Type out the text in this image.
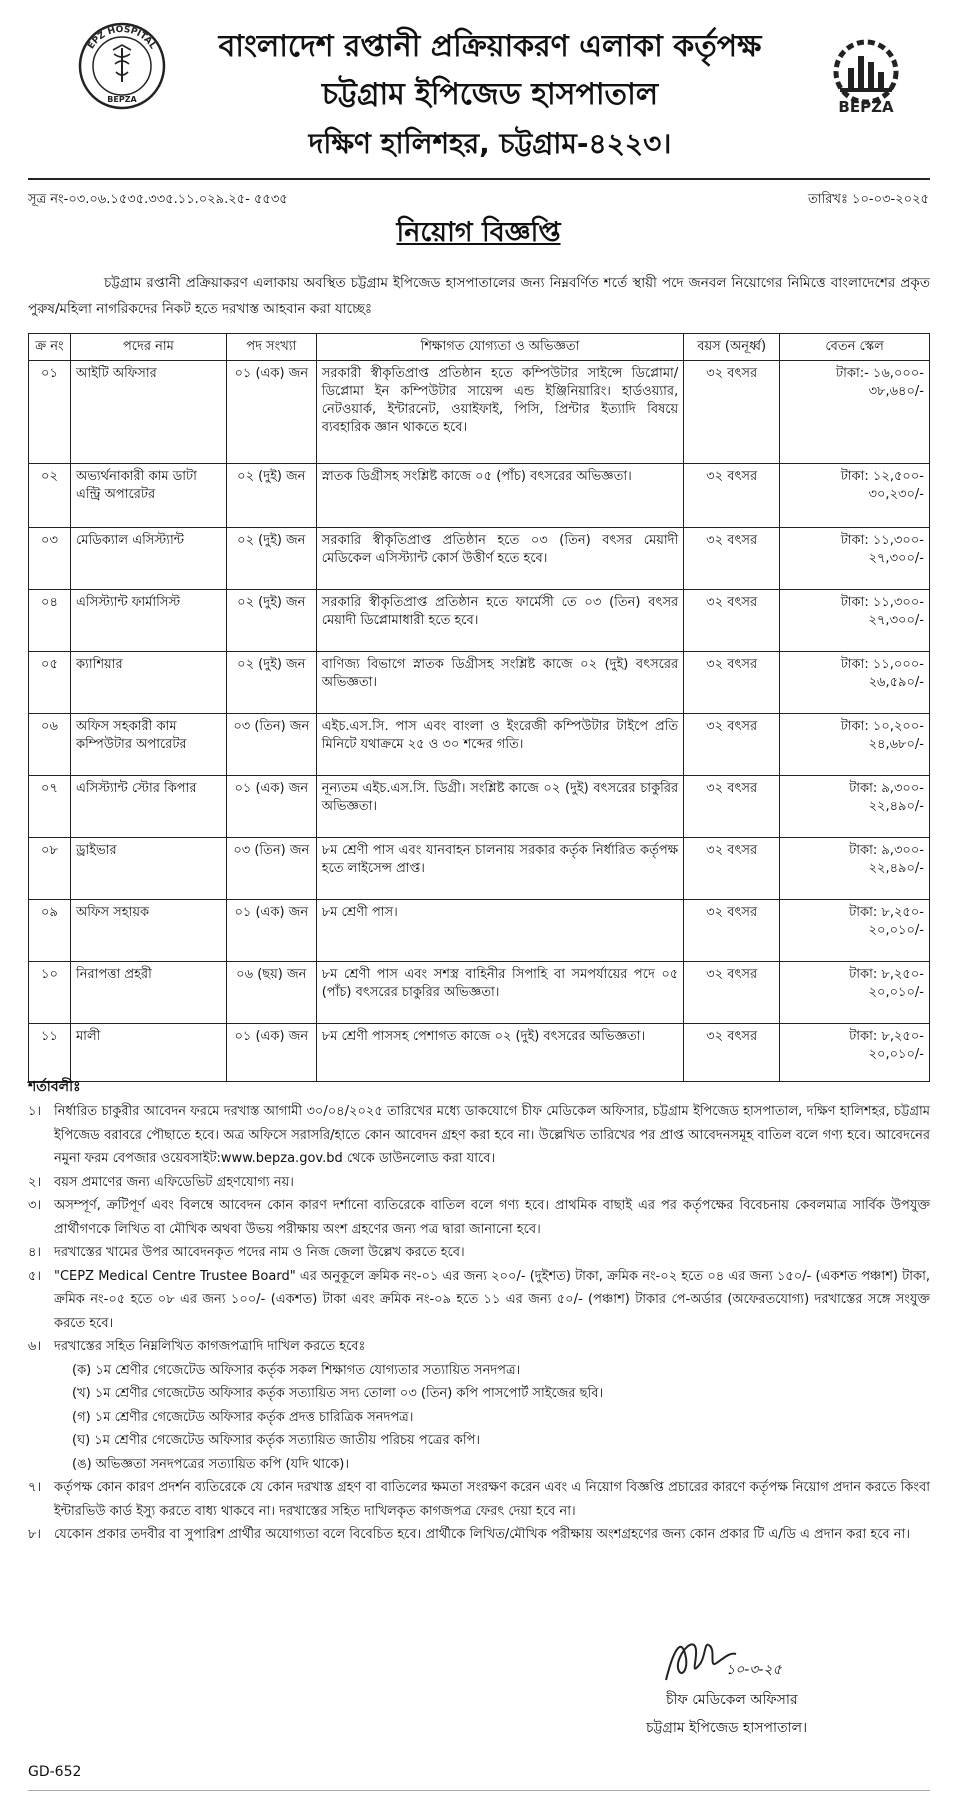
EPZ HOSPITAL
BEPZA
বাংলাদেশ রপ্তানী প্রক্রিয়াকরণ এলাকা কর্তৃপক্ষ
চট্টগ্রাম ইপিজেড হাসপাতাল
দক্ষিণ হালিশহর, চট্টগ্রাম-৪২২৩।
BEPZA
সূত্র নং-০৩.০৬.১৫৩৫.৩৩৫.১১.০২৯.২৫- ৫৫৩৫	তারিখঃ ১০-০৩-২০২৫
নিয়োগ বিজ্ঞপ্তি
চট্টগ্রাম রপ্তানী প্রক্রিয়াকরণ এলাকায় অবস্থিত চট্টগ্রাম ইপিজেড হাসপাতালের জন্য নিম্নবর্ণিত শর্তে স্থায়ী পদে জনবল নিয়োগের নিমিত্তে বাংলাদেশের প্রকৃত পুরুষ/মহিলা নাগরিকদের নিকট হতে দরখাস্ত আহবান করা যাচ্ছেঃ
ক্র নং	পদের নাম	পদ সংখ্যা	শিক্ষাগত যোগ্যতা ও অভিজ্ঞতা	বয়স (অনূর্ধ্ব)	বেতন স্কেল
০১	আইটি অফিসার	০১ (এক) জন	সরকারী স্বীকৃতিপ্রাপ্ত প্রতিষ্ঠান হতে কম্পিউটার সাইন্সে ডিপ্লোমা/ ডিপ্লোমা ইন কম্পিউটার সায়েন্স এন্ড ইঞ্জিনিয়ারিং। হার্ডওয়্যার, নেটওয়ার্ক, ইন্টারনেট, ওয়াইফাই, পিসি, প্রিন্টার ইত্যাদি বিষয়ে ব্যবহারিক জ্ঞান থাকতে হবে।	৩২ বৎসর	টাকা:- ১৬,০০০-
৩৮,৬৪০/-

০২	অভ্যর্থনাকারী কাম ডাটা এন্ট্রি অপারেটর	০২ (দুই) জন	স্নাতক ডিগ্রীসহ সংশ্লিষ্ট কাজে ০৫ (পাঁচ) বৎসরের অভিজ্ঞতা।	৩২ বৎসর	টাকা: ১২,৫০০-
৩০,২৩০/-

০৩	মেডিক্যাল এসিস্ট্যান্ট	০২ (দুই) জন	সরকারি স্বীকৃতিপ্রাপ্ত প্রতিষ্ঠান হতে ০৩ (তিন) বৎসর মেয়াদী মেডিকেল এসিস্ট্যান্ট কোর্স উত্তীর্ণ হতে হবে।	৩২ বৎসর	টাকা: ১১,৩০০-
২৭,৩০০/-

০৪	এসিস্ট্যান্ট ফার্মাসিস্ট	০২ (দুই) জন	সরকারি স্বীকৃতিপ্রাপ্ত প্রতিষ্ঠান হতে ফার্মেসী তে ০৩ (তিন) বৎসর মেয়াদী ডিপ্লোমাধারী হতে হবে।	৩২ বৎসর	টাকা: ১১,৩০০-
২৭,৩০০/-

০৫	ক্যাশিয়ার	০২ (দুই) জন	বাণিজ্য বিভাগে স্নাতক ডিগ্রীসহ সংশ্লিষ্ট কাজে ০২ (দুই) বৎসরের অভিজ্ঞতা।	৩২ বৎসর	টাকা: ১১,০০০-
২৬,৫৯০/-

০৬	অফিস সহকারী কাম কম্পিউটার অপারেটর	০৩ (তিন) জন	এইচ.এস.সি. পাস এবং বাংলা ও ইংরেজী কম্পিউটার টাইপে প্রতি মিনিটে যথাক্রমে ২৫ ও ৩০ শব্দের গতি।	৩২ বৎসর	টাকা: ১০,২০০-
২৪,৬৮০/-

০৭	এসিস্ট্যান্ট স্টোর কিপার	০১ (এক) জন	নূন্যতম এইচ.এস.সি. ডিগ্রী। সংশ্লিষ্ট কাজে ০২ (দুই) বৎসরের চাকুরির অভিজ্ঞতা।	৩২ বৎসর	টাকা: ৯,৩০০-
২২,৪৯০/-

০৮	ড্রাইভার	০৩ (তিন) জন	৮ম শ্রেণী পাস এবং যানবাহন চালনায় সরকার কর্তৃক নির্ধারিত কর্তৃপক্ষ হতে লাইসেন্স প্রাপ্ত।	৩২ বৎসর	টাকা: ৯,৩০০-
২২,৪৯০/-

০৯	অফিস সহায়ক	০১ (এক) জন	৮ম শ্রেণী পাস।	৩২ বৎসর	টাকা: ৮,২৫০-
২০,০১০/-

১০	নিরাপত্তা প্রহরী	০৬ (ছয়) জন	৮ম শ্রেণী পাস এবং সশস্ত্র বাহিনীর সিপাহি বা সমপর্যায়ের পদে ০৫ (পাঁচ) বৎসরের চাকুরির অভিজ্ঞতা।	৩২ বৎসর	টাকা: ৮,২৫০-
২০,০১০/-

১১	মালী	০১ (এক) জন	৮ম শ্রেণী পাসসহ পেশাগত কাজে ০২ (দুই) বৎসরের অভিজ্ঞতা।	৩২ বৎসর	টাকা: ৮,২৫০-
২০,০১০/-
শর্তাবলীঃ
১। নির্ধারিত চাকুরীর আবেদন ফরমে দরখাস্ত আগামী ৩০/০৪/২০২৫ তারিখের মধ্যে ডাকযোগে চীফ মেডিকেল অফিসার, চট্টগ্রাম ইপিজেড হাসপাতাল, দক্ষিণ হালিশহর, চট্টগ্রাম ইপিজেড বরাবরে পৌছাতে হবে। অত্র অফিসে সরাসরি/হাতে কোন আবেদন গ্রহণ করা হবে না। উল্লেখিত তারিখের পর প্রাপ্ত আবেদনসমূহ বাতিল বলে গণ্য হবে। আবেদনের নমুনা ফরম বেপজার ওয়েবসাইট:www.bepza.gov.bd থেকে ডাউনলোড করা যাবে।
২। বয়স প্রমাণের জন্য এফিডেভিট গ্রহণযোগ্য নয়।
৩। অসম্পূর্ণ, ক্রটিপূর্ণ এবং বিলম্বে আবেদন কোন কারণ দর্শানো ব্যতিরেকে বাতিল বলে গণ্য হবে। প্রাথমিক বাছাই এর পর কর্তৃপক্ষের বিবেচনায় কেবলমাত্র সার্বিক উপযুক্ত প্রার্থীগণকে লিখিত বা মৌখিক অথবা উভয় পরীক্ষায় অংশ গ্রহণের জন্য পত্র দ্বারা জানানো হবে।
৪। দরখাস্তের খামের উপর আবেদনকৃত পদের নাম ও নিজ জেলা উল্লেখ করতে হবে।
৫। "CEPZ Medical Centre Trustee Board" এর অনুকূলে ক্রমিক নং-০১ এর জন্য ২০০/- (দুইশত) টাকা, ক্রমিক নং-০২ হতে ০৪ এর জন্য ১৫০/- (একশত পঞ্চাশ) টাকা, ক্রমিক নং-০৫ হতে ০৮ এর জন্য ১০০/- (একশত) টাকা এবং ক্রমিক নং-০৯ হতে ১১ এর জন্য ৫০/- (পঞ্চাশ) টাকার পে-অর্ডার (অফেরতযোগ্য) দরখাস্তের সঙ্গে সংযুক্ত করতে হবে।
৬। দরখাস্তের সহিত নিম্নলিখিত কাগজপত্রাদি দাখিল করতে হবেঃ
(ক) ১ম শ্রেণীর গেজেটেড অফিসার কর্তৃক সকল শিক্ষাগত যোগ্যতার সত্যায়িত সনদপত্র।
(খ) ১ম শ্রেণীর গেজেটেড অফিসার কর্তৃক সত্যায়িত সদ্য তোলা ০৩ (তিন) কপি পাসপোর্ট সাইজের ছবি।
(গ) ১ম শ্রেণীর গেজেটেড অফিসার কর্তৃক প্রদত্ত চারিত্রিক সনদপত্র।
(ঘ) ১ম শ্রেণীর গেজেটেড অফিসার কর্তৃক সত্যায়িত জাতীয় পরিচয় পত্রের কপি।
(ঙ) অভিজ্ঞতা সনদপত্রের সত্যায়িত কপি (যদি থাকে)।
৭। কর্তৃপক্ষ কোন কারণ প্রদর্শন ব্যতিরেকে যে কোন দরখাস্ত গ্রহণ বা বাতিলের ক্ষমতা সংরক্ষণ করেন এবং এ নিয়োগ বিজ্ঞপ্তি প্রচারের কারণে কর্তৃপক্ষ নিয়োগ প্রদান করতে কিংবা ইন্টারভিউ কার্ড ইস্যু করতে বাধ্য থাকবে না। দরখাস্তের সহিত দাখিলকৃত কাগজপত্র ফেরৎ দেয়া হবে না।
৮। যেকোন প্রকার তদবীর বা সুপারিশ প্রার্থীর অযোগ্যতা বলে বিবেচিত হবে। প্রার্থীকে লিখিত/মৌখিক পরীক্ষায় অংশগ্রহণের জন্য কোন প্রকার টি এ/ডি এ প্রদান করা হবে না।
১০-৩-২৫
চীফ মেডিকেল অফিসার
চট্টগ্রাম ইপিজেড হাসপাতাল।
GD-652
